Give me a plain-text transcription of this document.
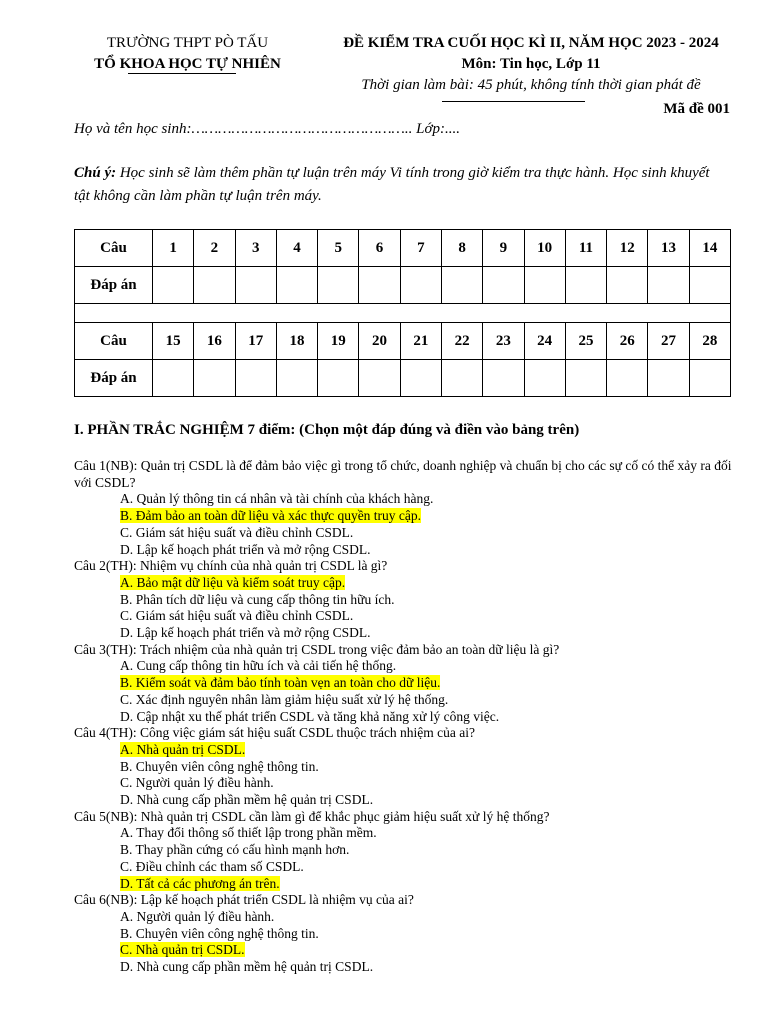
TRƯỜNG THPT PÒ TẤU
TỔ KHOA HỌC TỰ NHIÊN
ĐỀ KIỂM TRA CUỐI HỌC KÌ II, NĂM HỌC 2023 - 2024
Môn: Tin học, Lớp 11
Thời gian làm bài: 45 phút, không tính thời gian phát đề
Mã đề 001
Họ và tên học sinh:………………………………………….. Lớp:....
Chú ý: Học sinh sẽ làm thêm phần tự luận trên máy Vi tính trong giờ kiểm tra thực hành. Học sinh khuyết tật không cần làm phần tự luận trên máy.
Câu	1	2	3	4	5	6	7	8	9	10	11	12	13	14
Đáp án														

Câu	15	16	17	18	19	20	21	22	23	24	25	26	27	28
Đáp án														
I. PHẦN TRẮC NGHIỆM 7 điểm: (Chọn một đáp đúng và điền vào bảng trên)

Câu 1(NB): Quản trị CSDL là để đảm bảo việc gì trong tổ chức, doanh nghiệp và chuẩn bị cho các sự cố có thể xảy ra đối với CSDL?

A. Quản lý thông tin cá nhân và tài chính của khách hàng.

B. Đảm bảo an toàn dữ liệu và xác thực quyền truy cập.

C. Giám sát hiệu suất và điều chỉnh CSDL.

D. Lập kế hoạch phát triển và mở rộng CSDL.

Câu 2(TH): Nhiệm vụ chính của nhà quản trị CSDL là gì?

A. Bảo mật dữ liệu và kiểm soát truy cập.

B. Phân tích dữ liệu và cung cấp thông tin hữu ích.

C. Giám sát hiệu suất và điều chỉnh CSDL.

D. Lập kế hoạch phát triển và mở rộng CSDL.

Câu 3(TH): Trách nhiệm của nhà quản trị CSDL trong việc đảm bảo an toàn dữ liệu là gì?

A. Cung cấp thông tin hữu ích và cải tiến hệ thống.

B. Kiểm soát và đảm bảo tính toàn vẹn an toàn cho dữ liệu.

C. Xác định nguyên nhân làm giảm hiệu suất xử lý hệ thống.

D. Cập nhật xu thế phát triển CSDL và tăng khả năng xử lý công việc.

Câu 4(TH): Công việc giám sát hiệu suất CSDL thuộc trách nhiệm của ai?

A. Nhà quản trị CSDL.

B. Chuyên viên công nghệ thông tin.

C. Người quản lý điều hành.

D. Nhà cung cấp phần mềm hệ quản trị CSDL.

Câu 5(NB): Nhà quản trị CSDL cần làm gì để khắc phục giảm hiệu suất xử lý hệ thống?

A. Thay đổi thông số thiết lập trong phần mềm.

B. Thay phần cứng có cấu hình mạnh hơn.

C. Điều chỉnh các tham số CSDL.

D. Tất cả các phương án trên.

Câu 6(NB): Lập kế hoạch phát triển CSDL là nhiệm vụ của ai?

A. Người quản lý điều hành.

B. Chuyên viên công nghệ thông tin.

C. Nhà quản trị CSDL.

D. Nhà cung cấp phần mềm hệ quản trị CSDL.
